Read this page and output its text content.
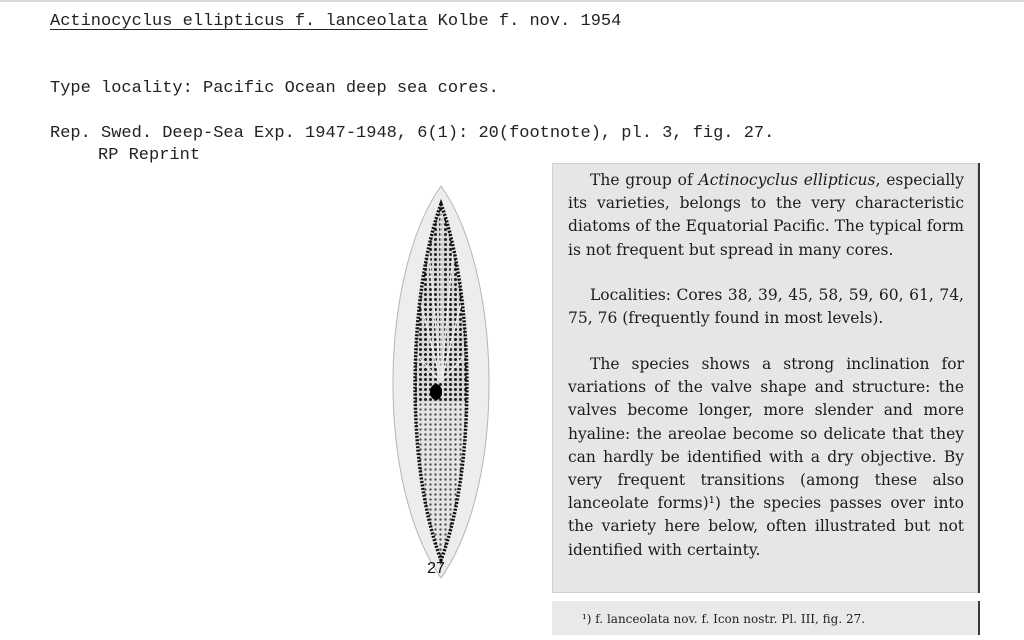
Actinocyclus ellipticus f. lanceolata Kolbe f. nov. 1954
Type locality: Pacific Ocean deep sea cores.
Rep. Swed. Deep-Sea Exp. 1947-1948, 6(1): 20(footnote), pl. 3, fig. 27.
RP Reprint
27

The group of Actinocyclus ellipticus, especially its varieties, belongs to the very characteristic diatoms of the Equatorial Pacific. The typical form is not frequent but spread in many cores.

Localities: Cores 38, 39, 45, 58, 59, 60, 61, 74, 75, 76 (frequently found in most levels).

The species shows a strong inclination for variations of the valve shape and structure: the valves become longer, more slender and more hyaline: the areolae become so delicate that they can hardly be identified with a dry objective. By very frequent transitions (among these also lanceolate forms)¹) the species passes over into the variety here below, often illustrated but not identified with certainty.

¹) f. lanceolata nov. f. Icon nostr. Pl. III, fig. 27.
